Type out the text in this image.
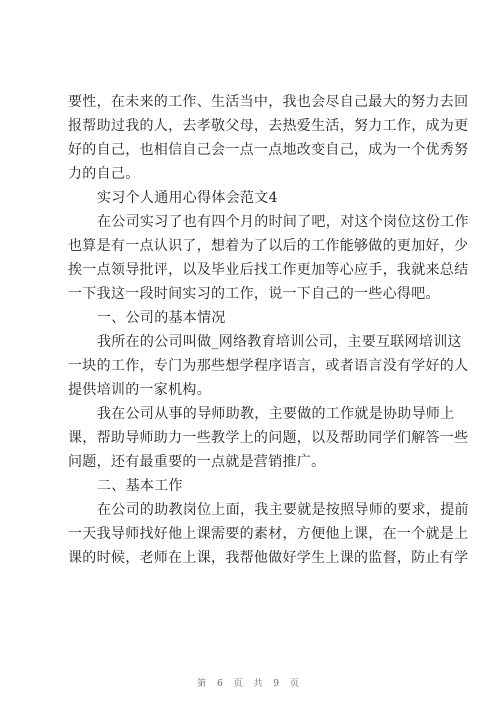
要性，在未来的工作、生活当中，我也会尽自己最大的努力去回
报帮助过我的人，去孝敬父母，去热爱生活，努力工作，成为更
好的自己，也相信自己会一点一点地改变自己，成为一个优秀努
力的自己。
实习个人通用心得体会范文4
在公司实习了也有四个月的时间了吧，对这个岗位这份工作
也算是有一点认识了，想着为了以后的工作能够做的更加好，少
挨一点领导批评，以及毕业后找工作更加等心应手，我就来总结
一下我这一段时间实习的工作，说一下自己的一些心得吧。
一、公司的基本情况
我所在的公司叫做_网络教育培训公司，主要互联网培训这
一块的工作，专门为那些想学程序语言，或者语言没有学好的人
提供培训的一家机构。
我在公司从事的导师助教，主要做的工作就是协助导师上
课，帮助导师助力一些教学上的问题，以及帮助同学们解答一些
问题，还有最重要的一点就是营销推广。
二、基本工作
在公司的助教岗位上面，我主要就是按照导师的要求，提前
一天我导师找好他上课需要的素材，方便他上课，在一个就是上
课的时候，老师在上课，我帮他做好学生上课的监督，防止有学
第 6 页 共 9 页
